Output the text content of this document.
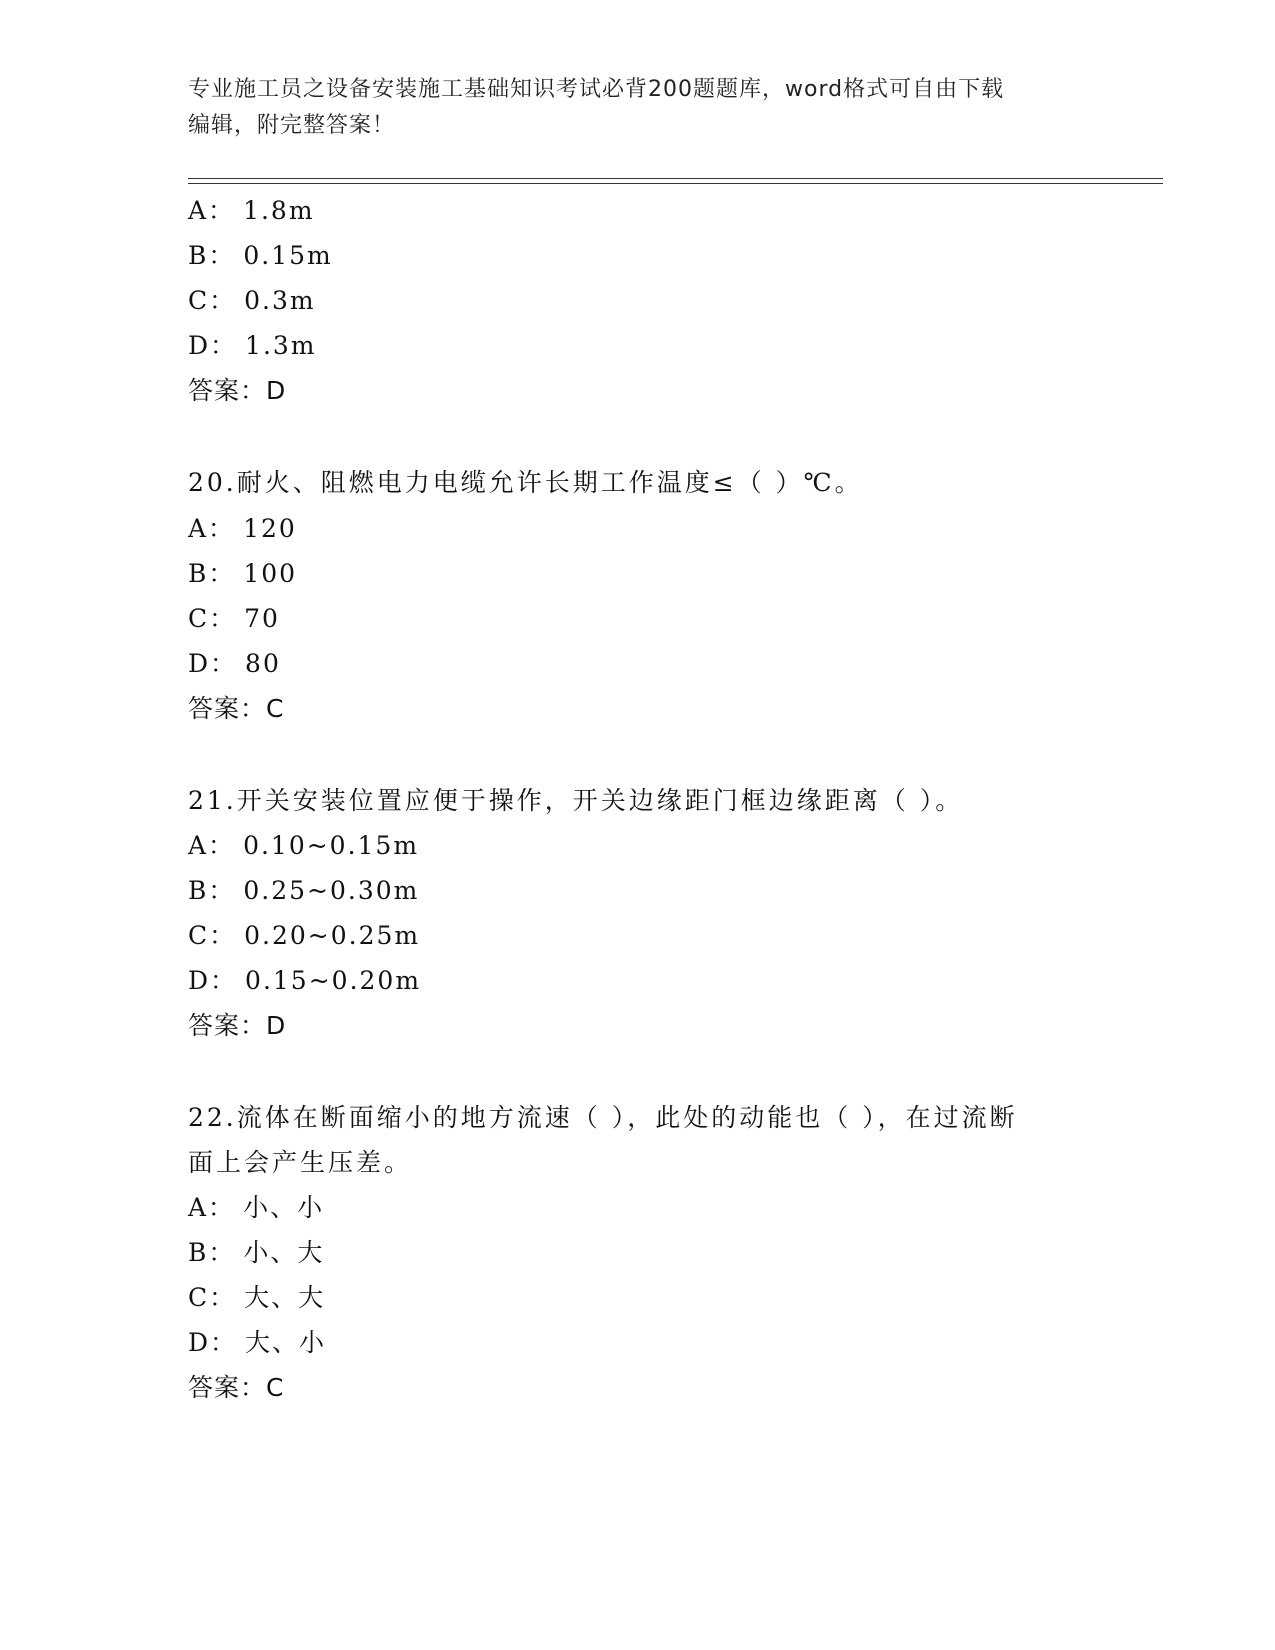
专业施工员之设备安装施工基础知识考试必背200题题库，word格式可自由下载
编辑，附完整答案！
A： 1.8m
B： 0.15m
C： 0.3m
D： 1.3m
答案：D
20.耐火、阻燃电力电缆允许长期工作温度≤（ ）℃。
A： 120
B： 100
C： 70
D： 80
答案：C
21.开关安装位置应便于操作，开关边缘距门框边缘距离（ ）。
A： 0.10~0.15m
B： 0.25~0.30m
C： 0.20~0.25m
D： 0.15~0.20m
答案：D
22.流体在断面缩小的地方流速（ ），此处的动能也（ ），在过流断
面上会产生压差。
A： 小、小
B： 小、大
C： 大、大
D： 大、小
答案：C
